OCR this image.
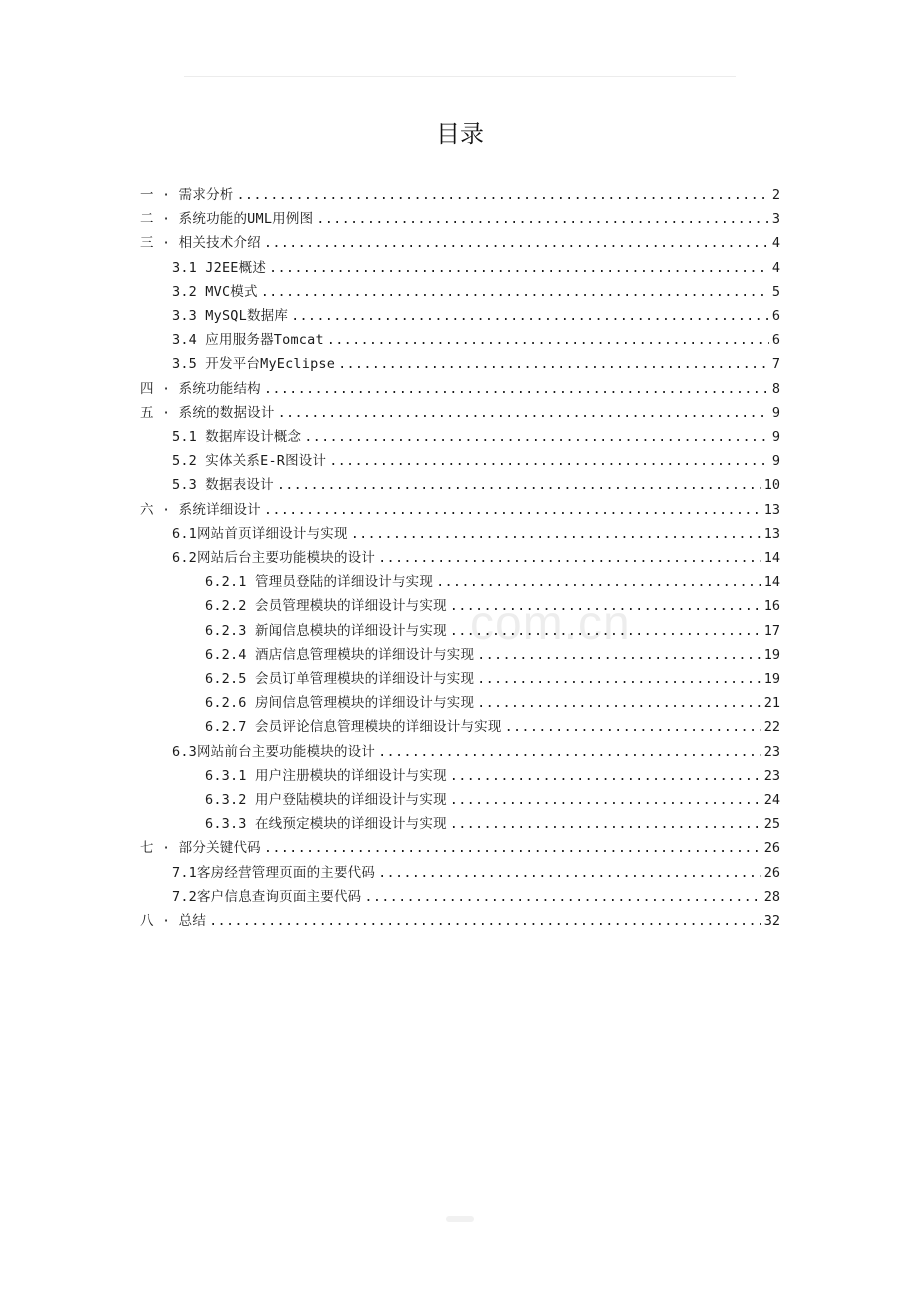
目录
com.cn
一 · 需求分析 .....	2
二 · 系统功能的UML用例图 .....	3
三 · 相关技术介绍 .....	4
3.1 J2EE概述 .....	4
3.2 MVC模式 .....	5
3.3 MySQL数据库 .....	6
3.4 应用服务器Tomcat .....	6
3.5 开发平台MyEclipse .....	7
四 · 系统功能结构 .....	8
五 · 系统的数据设计 .....	9
5.1 数据库设计概念 .....	9
5.2 实体关系E-R图设计 .....	9
5.3 数据表设计 .....	10
六 · 系统详细设计 .....	13
6.1网站首页详细设计与实现 .....	13
6.2网站后台主要功能模块的设计 .....	14
6.2.1 管理员登陆的详细设计与实现 .....	14
6.2.2 会员管理模块的详细设计与实现 .....	16
6.2.3 新闻信息模块的详细设计与实现 .....	17
6.2.4 酒店信息管理模块的详细设计与实现 .....	19
6.2.5 会员订单管理模块的详细设计与实现 .....	19
6.2.6 房间信息管理模块的详细设计与实现 .....	21
6.2.7 会员评论信息管理模块的详细设计与实现 .....	22
6.3网站前台主要功能模块的设计 .....	23
6.3.1 用户注册模块的详细设计与实现 .....	23
6.3.2 用户登陆模块的详细设计与实现 .....	24
6.3.3 在线预定模块的详细设计与实现 .....	25
七 · 部分关键代码 .....	26
7.1客房经营管理页面的主要代码 .....	26
7.2客户信息查询页面主要代码 .....	28
八 · 总结 .....	32
